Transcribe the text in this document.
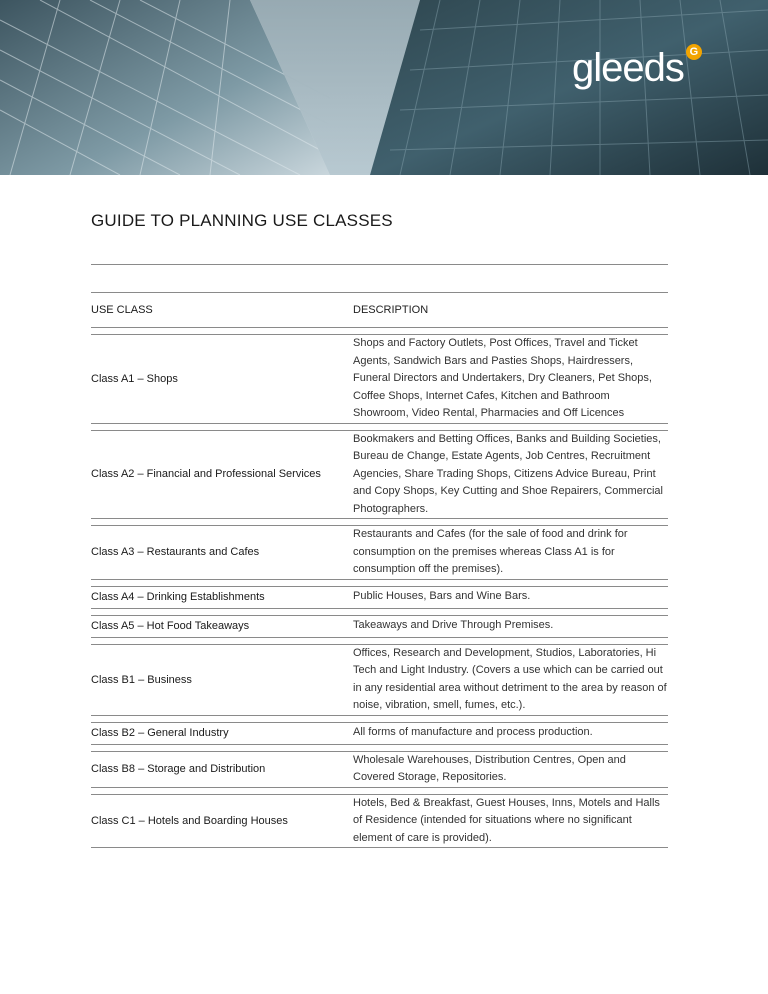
gleeds G
GUIDE TO PLANNING USE CLASSES
USE CLASS	DESCRIPTION

Class A1 – Shops	Shops and Factory Outlets, Post Offices, Travel and Ticket Agents, Sandwich Bars and Pasties Shops, Hairdressers, Funeral Directors and Undertakers, Dry Cleaners, Pet Shops, Coffee Shops, Internet Cafes, Kitchen and Bathroom Showroom, Video Rental, Pharmacies and Off Licences

Class A2 – Financial and Professional Services	Bookmakers and Betting Offices, Banks and Building Societies, Bureau de Change, Estate Agents, Job Centres, Recruitment Agencies, Share Trading Shops, Citizens Advice Bureau, Print and Copy Shops, Key Cutting and Shoe Repairers, Commercial Photographers.

Class A3 – Restaurants and Cafes	Restaurants and Cafes (for the sale of food and drink for consumption on the premises whereas Class A1 is for consumption off the premises).

Class A4 – Drinking Establishments	Public Houses, Bars and Wine Bars.

Class A5 – Hot Food Takeaways	Takeaways and Drive Through Premises.

Class B1 – Business	Offices, Research and Development, Studios, Laboratories, Hi Tech and Light Industry. (Covers a use which can be carried out in any residential area without detriment to the area by reason of noise, vibration, smell, fumes, etc.).

Class B2 – General Industry	All forms of manufacture and process production.

Class B8 – Storage and Distribution	Wholesale Warehouses, Distribution Centres, Open and Covered Storage, Repositories.

Class C1 – Hotels and Boarding Houses	Hotels, Bed & Breakfast, Guest Houses, Inns, Motels and Halls of Residence (intended for situations where no significant element of care is provided).
